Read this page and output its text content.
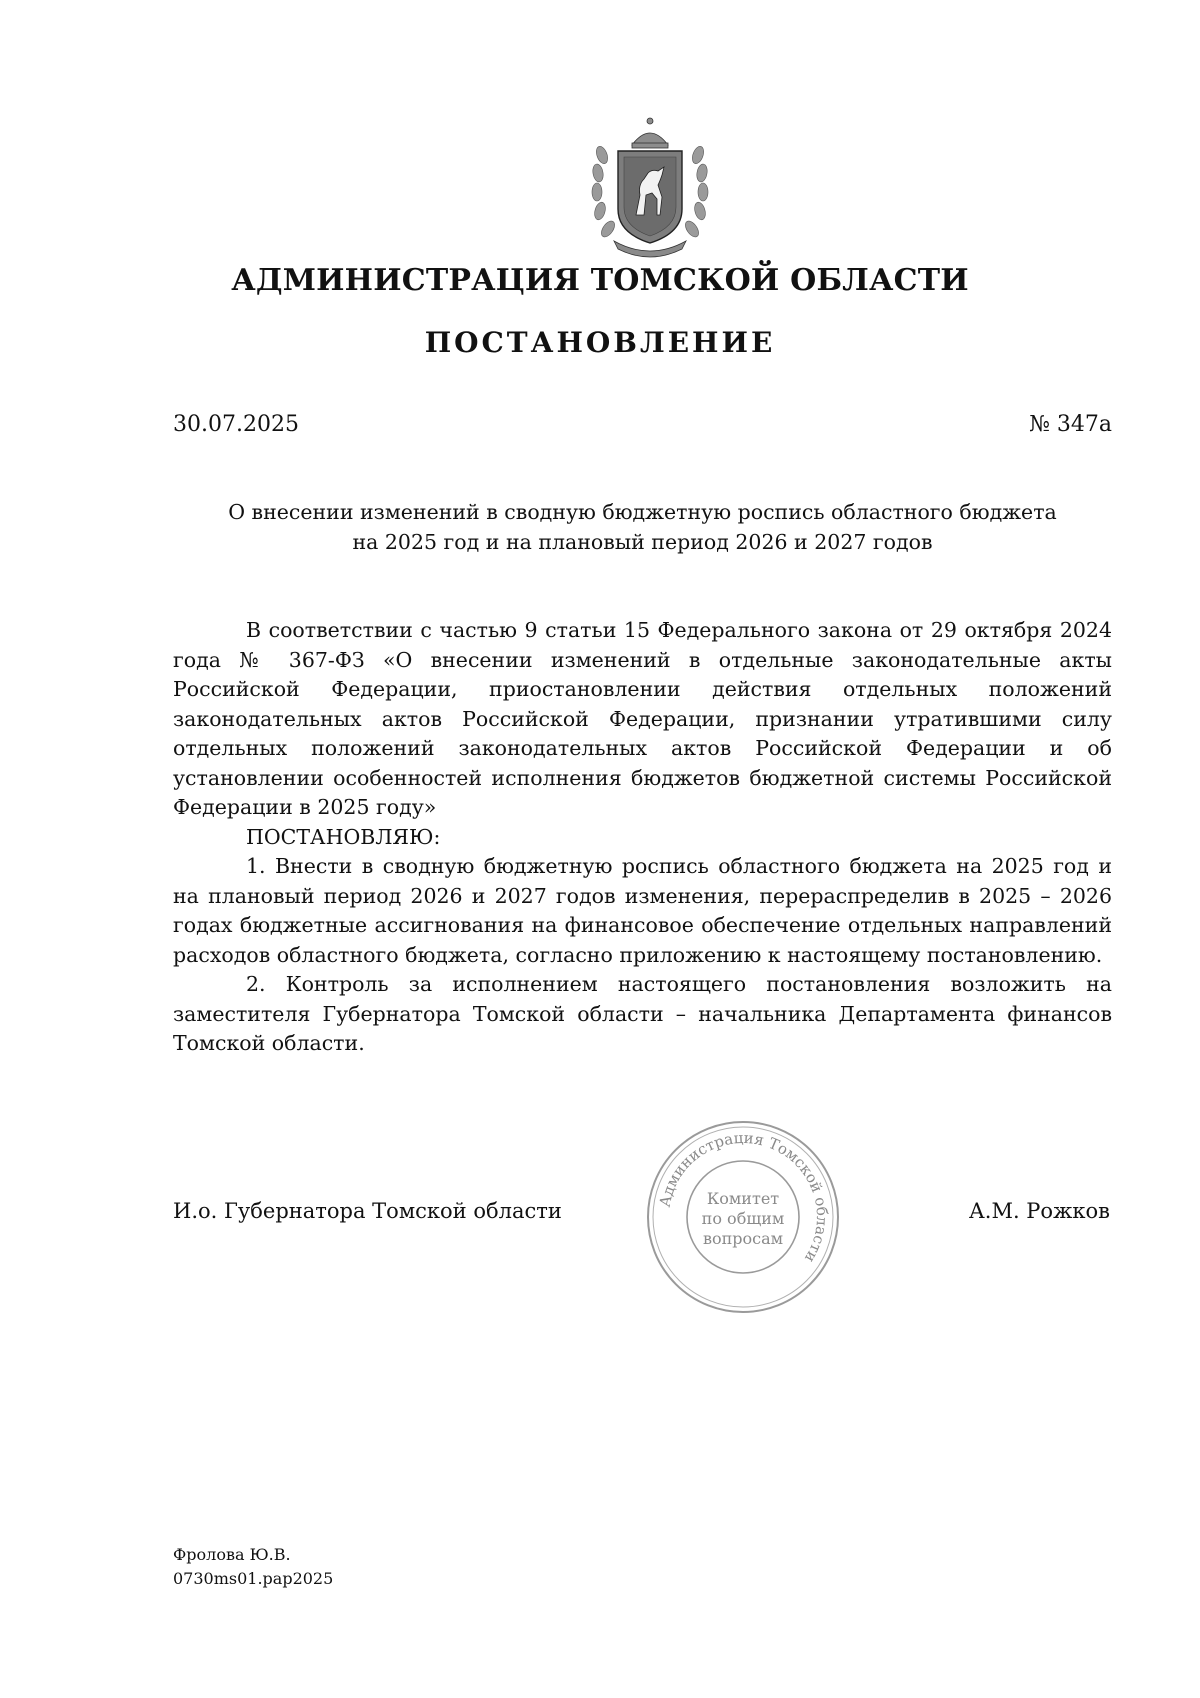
АДМИНИСТРАЦИЯ ТОМСКОЙ ОБЛАСТИ
ПОСТАНОВЛЕНИЕ
30.07.2025	№ 347а
О внесении изменений в сводную бюджетную роспись областного бюджета
на 2025 год и на плановый период 2026 и 2027 годов

В соответствии с частью 9 статьи 15 Федерального закона от 29 октября 2024 года № 367-ФЗ «О внесении изменений в отдельные законодательные акты Российской Федерации, приостановлении действия отдельных положений законодательных актов Российской Федерации, признании утратившими силу отдельных положений законодательных актов Российской Федерации и об установлении особенностей исполнения бюджетов бюджетной системы Российской Федерации в 2025 году»

ПОСТАНОВЛЯЮ:

1. Внести в сводную бюджетную роспись областного бюджета на 2025 год и на плановый период 2026 и 2027 годов изменения, перераспределив в 2025 – 2026 годах бюджетные ассигнования на финансовое обеспечение отдельных направлений расходов областного бюджета, согласно приложению к настоящему постановлению.

2. Контроль за исполнением настоящего постановления возложить на заместителя Губернатора Томской области – начальника Департамента финансов Томской области.

И.о. Губернатора Томской области	Администрация Томской области
Комитет
по общим
вопросам
А.М. Рожков
Фролова Ю.В.
0730ms01.pap2025
